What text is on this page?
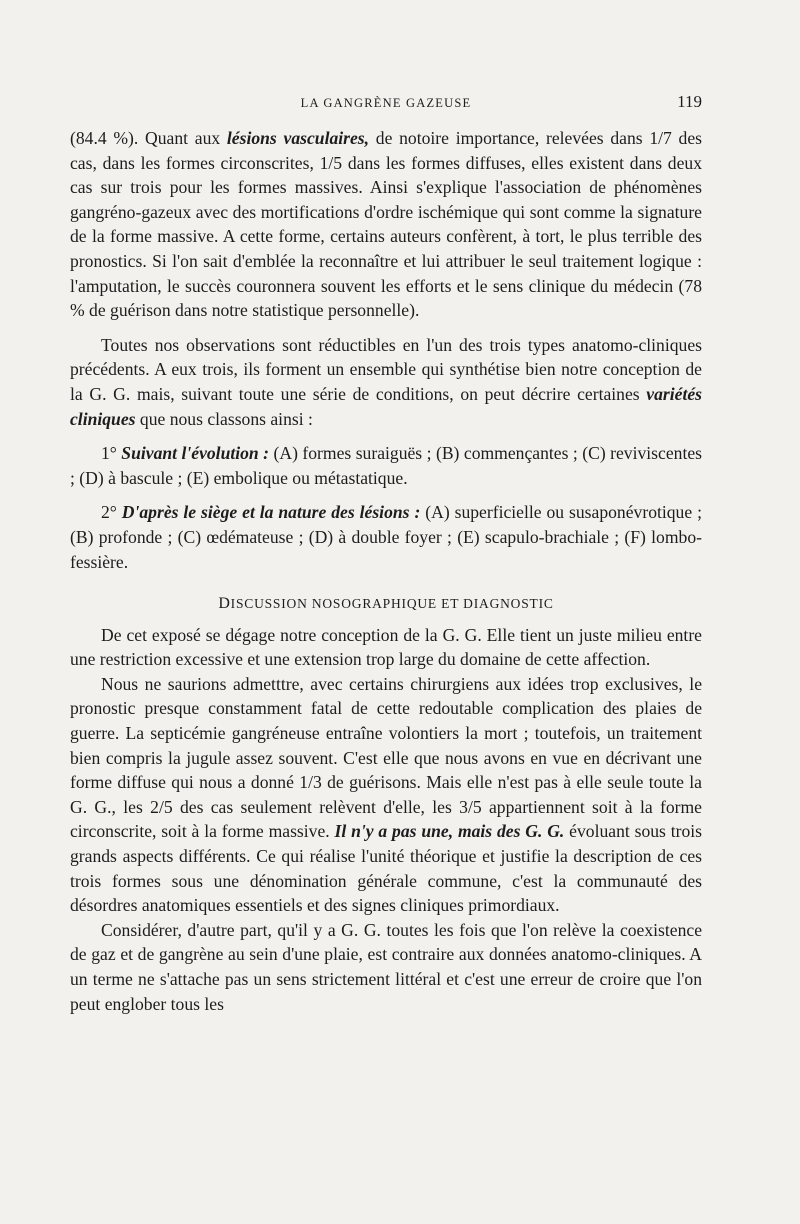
LA GANGRÈNE GAZEUSE	119

(84.4 %). Quant aux lésions vasculaires, de notoire importance, relevées dans 1/7 des cas, dans les formes circonscrites, 1/5 dans les formes diffuses, elles existent dans deux cas sur trois pour les formes massives. Ainsi s'explique l'association de phénomènes gangréno-gazeux avec des mortifications d'ordre ischémique qui sont comme la signature de la forme massive. A cette forme, certains auteurs confèrent, à tort, le plus terrible des pronostics. Si l'on sait d'emblée la reconnaître et lui attribuer le seul traitement logique : l'amputation, le succès couronnera souvent les efforts et le sens clinique du médecin (78 % de guérison dans notre statistique personnelle).

Toutes nos observations sont réductibles en l'un des trois types anatomo-cliniques précédents. A eux trois, ils forment un ensemble qui synthétise bien notre conception de la G. G. mais, suivant toute une série de conditions, on peut décrire certaines variétés cliniques que nous classons ainsi :

1° Suivant l'évolution : (A) formes suraiguës ; (B) commençantes ; (C) reviviscentes ; (D) à bascule ; (E) embolique ou métastatique.

2° D'après le siège et la nature des lésions : (A) superficielle ou susaponévrotique ; (B) profonde ; (C) œdémateuse ; (D) à double foyer ; (E) scapulo-brachiale ; (F) lombo-fessière.

DISCUSSION NOSOGRAPHIQUE ET DIAGNOSTIC

De cet exposé se dégage notre conception de la G. G. Elle tient un juste milieu entre une restriction excessive et une extension trop large du domaine de cette affection.

Nous ne saurions admetttre, avec certains chirurgiens aux idées trop exclusives, le pronostic presque constamment fatal de cette redoutable complication des plaies de guerre. La septicémie gangréneuse entraîne volontiers la mort ; toutefois, un traitement bien compris la jugule assez souvent. C'est elle que nous avons en vue en décrivant une forme diffuse qui nous a donné 1/3 de guérisons. Mais elle n'est pas à elle seule toute la G. G., les 2/5 des cas seulement relèvent d'elle, les 3/5 appartiennent soit à la forme circonscrite, soit à la forme massive. Il n'y a pas une, mais des G. G. évoluant sous trois grands aspects différents. Ce qui réalise l'unité théorique et justifie la description de ces trois formes sous une dénomination générale commune, c'est la communauté des désordres anatomiques essentiels et des signes cliniques primordiaux.

Considérer, d'autre part, qu'il y a G. G. toutes les fois que l'on relève la coexistence de gaz et de gangrène au sein d'une plaie, est contraire aux données anatomo-cliniques. A un terme ne s'attache pas un sens strictement littéral et c'est une erreur de croire que l'on peut englober tous les
